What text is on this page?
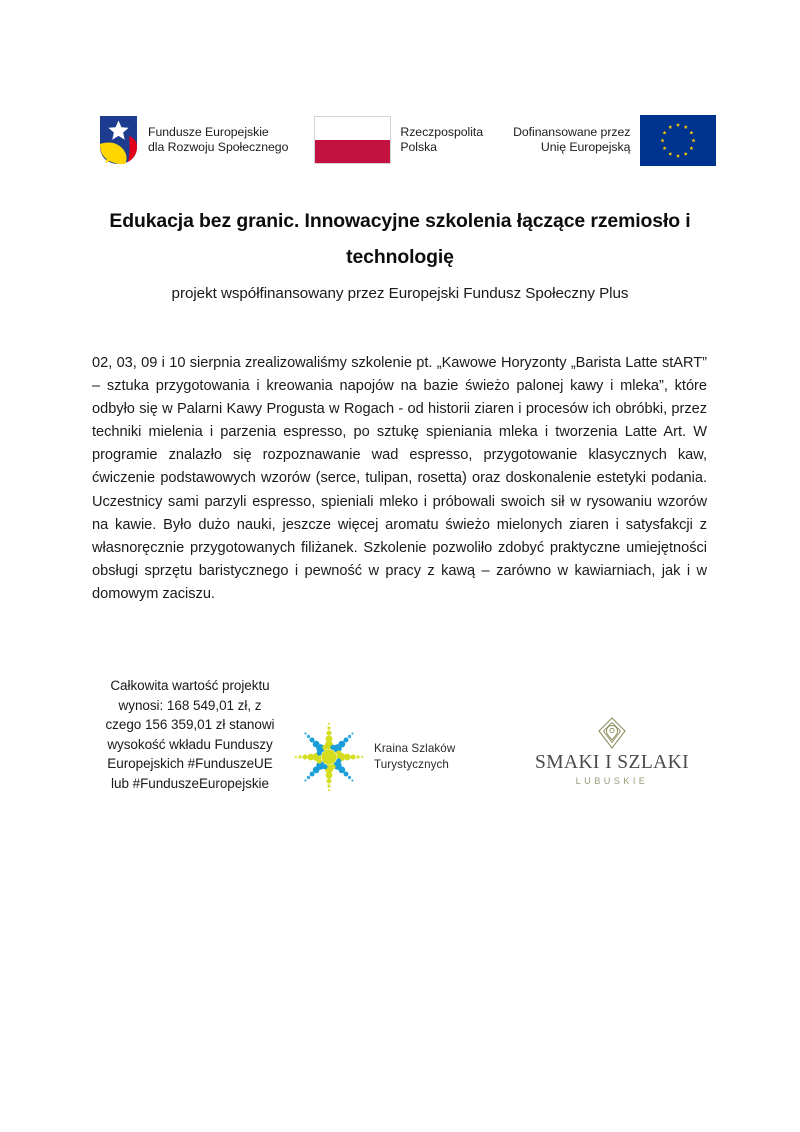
Fundusze Europejskie
dla Rozwoju Społecznego
Rzeczpospolita
Polska
Dofinansowane przez
Unię Europejską
Edukacja bez granic. Innowacyjne szkolenia łączące rzemiosło i technologię
projekt współfinansowany przez Europejski Fundusz Społeczny Plus
02, 03, 09 i 10 sierpnia zrealizowaliśmy szkolenie pt. „Kawowe Horyzonty „Barista Latte stART” – sztuka przygotowania i kreowania napojów na bazie świeżo palonej kawy i mleka”, które odbyło się w Palarni Kawy Progusta w Rogach - od historii ziaren i procesów ich obróbki, przez techniki mielenia i parzenia espresso, po sztukę spieniania mleka i tworzenia Latte Art. W programie znalazło się rozpoznawanie wad espresso, przygotowanie klasycznych kaw, ćwiczenie podstawowych wzorów (serce, tulipan, rosetta) oraz doskonalenie estetyki podania. Uczestnicy sami parzyli espresso, spieniali mleko i próbowali swoich sił w rysowaniu wzorów na kawie. Było dużo nauki, jeszcze więcej aromatu świeżo mielonych ziaren i satysfakcji z własnoręcznie przygotowanych filiżanek. Szkolenie pozwoliło zdobyć praktyczne umiejętności obsługi sprzętu baristycznego i pewność w pracy z kawą – zarówno w kawiarniach, jak i w domowym zaciszu.
Całkowita wartość projektu wynosi: 168 549,01 zł, z czego 156 359,01 zł stanowi wysokość wkładu Funduszy Europejskich #FunduszeUE lub #FunduszeEuropejskie
Kraina Szlaków
Turystycznych	SMAKI I SZLAKI
LUBUSKIE
